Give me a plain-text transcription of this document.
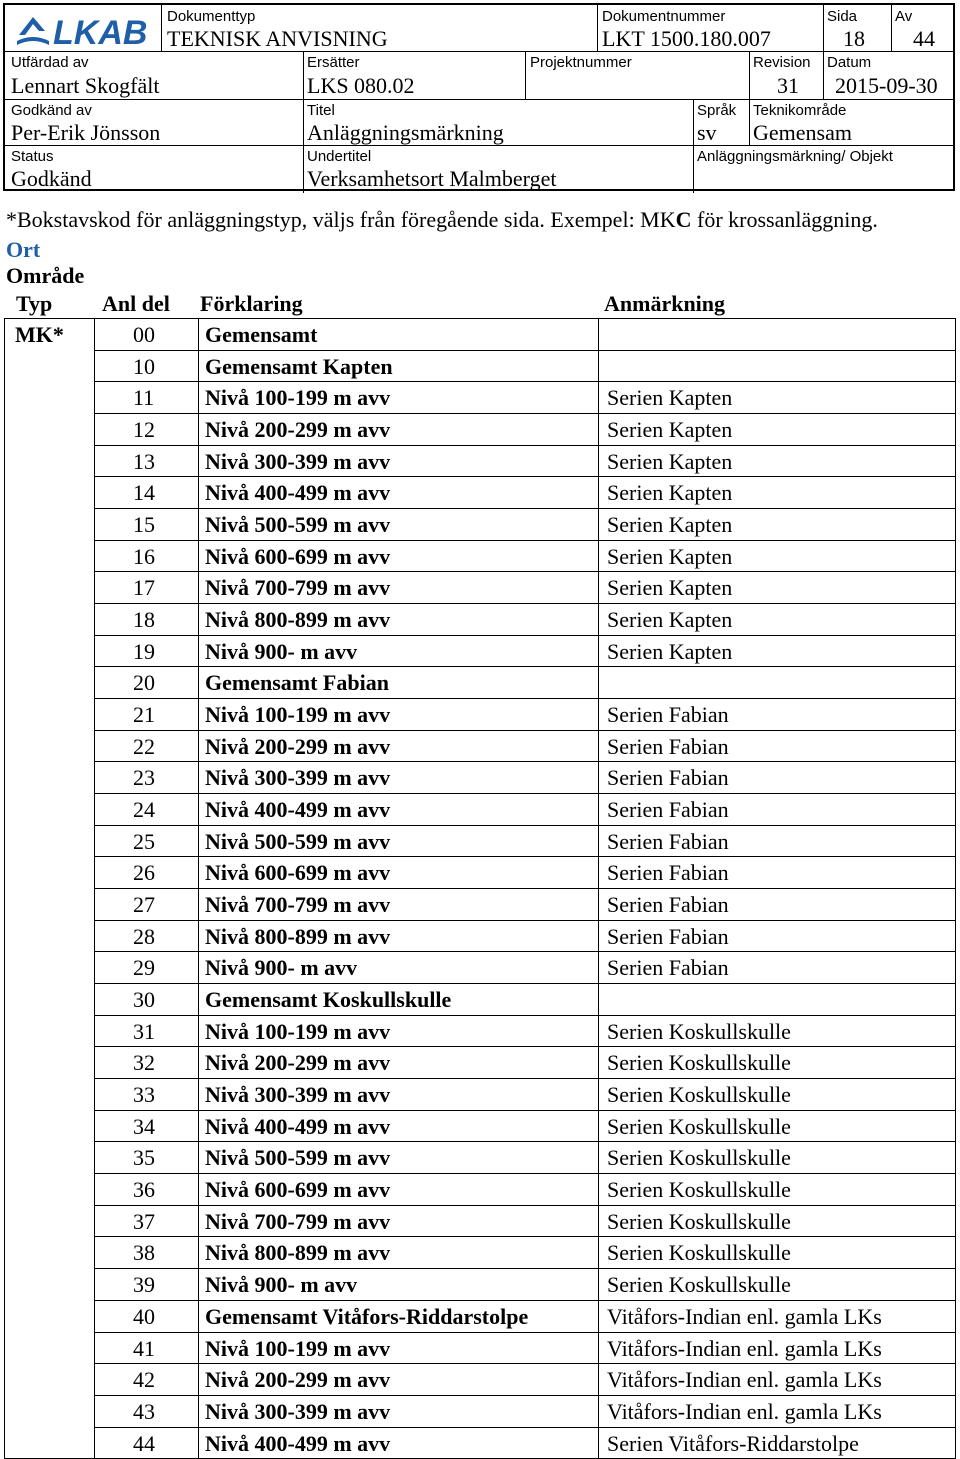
LKAB Dokumenttyp
TEKNISK ANVISNING
Dokumentnummer
LKT 1500.180.007
Sida
18
Av
44
Utfärdad av
Lennart Skogfält
Ersätter
LKS 080.02
Projektnummer	Revision
31
Datum
2015-09-30
Godkänd av
Per-Erik Jönsson
Titel
Anläggningsmärkning
Språk
sv
Teknikområde
Gemensam
Status
Godkänd
Undertitel
Verksamhetsort Malmberget
Anläggningsmärkning/ Objekt
*Bokstavskod för anläggningstyp, väljs från föregående sida. Exempel: MKC för krossanläggning.
Ort
Område
Typ Anl del Förklaring	Anmärkning
MK*	00 Gemensamt
10 Gemensamt Kapten
11 Nivå 100-199 m avv	Serien Kapten
12 Nivå 200-299 m avv	Serien Kapten
13 Nivå 300-399 m avv	Serien Kapten
14 Nivå 400-499 m avv	Serien Kapten
15 Nivå 500-599 m avv	Serien Kapten
16 Nivå 600-699 m avv	Serien Kapten
17 Nivå 700-799 m avv	Serien Kapten
18 Nivå 800-899 m avv	Serien Kapten
19 Nivå 900- m avv	Serien Kapten
20 Gemensamt Fabian
21 Nivå 100-199 m avv	Serien Fabian
22 Nivå 200-299 m avv	Serien Fabian
23 Nivå 300-399 m avv	Serien Fabian
24 Nivå 400-499 m avv	Serien Fabian
25 Nivå 500-599 m avv	Serien Fabian
26 Nivå 600-699 m avv	Serien Fabian
27 Nivå 700-799 m avv	Serien Fabian
28 Nivå 800-899 m avv	Serien Fabian
29 Nivå 900- m avv	Serien Fabian
30 Gemensamt Koskullskulle
31 Nivå 100-199 m avv	Serien Koskullskulle
32 Nivå 200-299 m avv	Serien Koskullskulle
33 Nivå 300-399 m avv	Serien Koskullskulle
34 Nivå 400-499 m avv	Serien Koskullskulle
35 Nivå 500-599 m avv	Serien Koskullskulle
36 Nivå 600-699 m avv	Serien Koskullskulle
37 Nivå 700-799 m avv	Serien Koskullskulle
38 Nivå 800-899 m avv	Serien Koskullskulle
39 Nivå 900- m avv	Serien Koskullskulle
40 Gemensamt Vitåfors-Riddarstolpe	Vitåfors-Indian enl. gamla LKs
41 Nivå 100-199 m avv	Vitåfors-Indian enl. gamla LKs
42 Nivå 200-299 m avv	Vitåfors-Indian enl. gamla LKs
43 Nivå 300-399 m avv	Vitåfors-Indian enl. gamla LKs
44 Nivå 400-499 m avv	Serien Vitåfors-Riddarstolpe
